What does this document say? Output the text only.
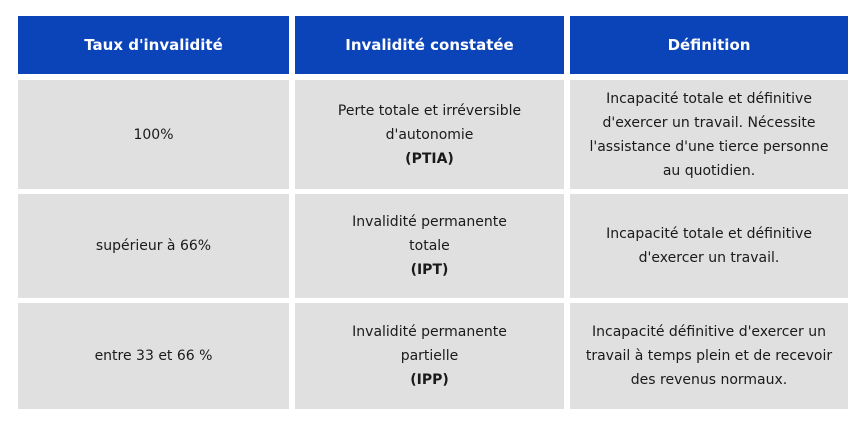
Taux d'invalidité	Invalidité constatée	Définition
100%
Perte totale et irréversible
d'autonomie
(PTIA)
Incapacité totale et définitive d'exercer un travail. Nécessite l'assistance d'une tierce personne au quotidien.
supérieur à 66%
Invalidité permanente
totale
(IPT)
Incapacité totale et définitive d'exercer un travail.
entre 33 et 66 %
Invalidité permanente
partielle
(IPP)
Incapacité définitive d'exercer un travail à temps plein et de recevoir des revenus normaux.
